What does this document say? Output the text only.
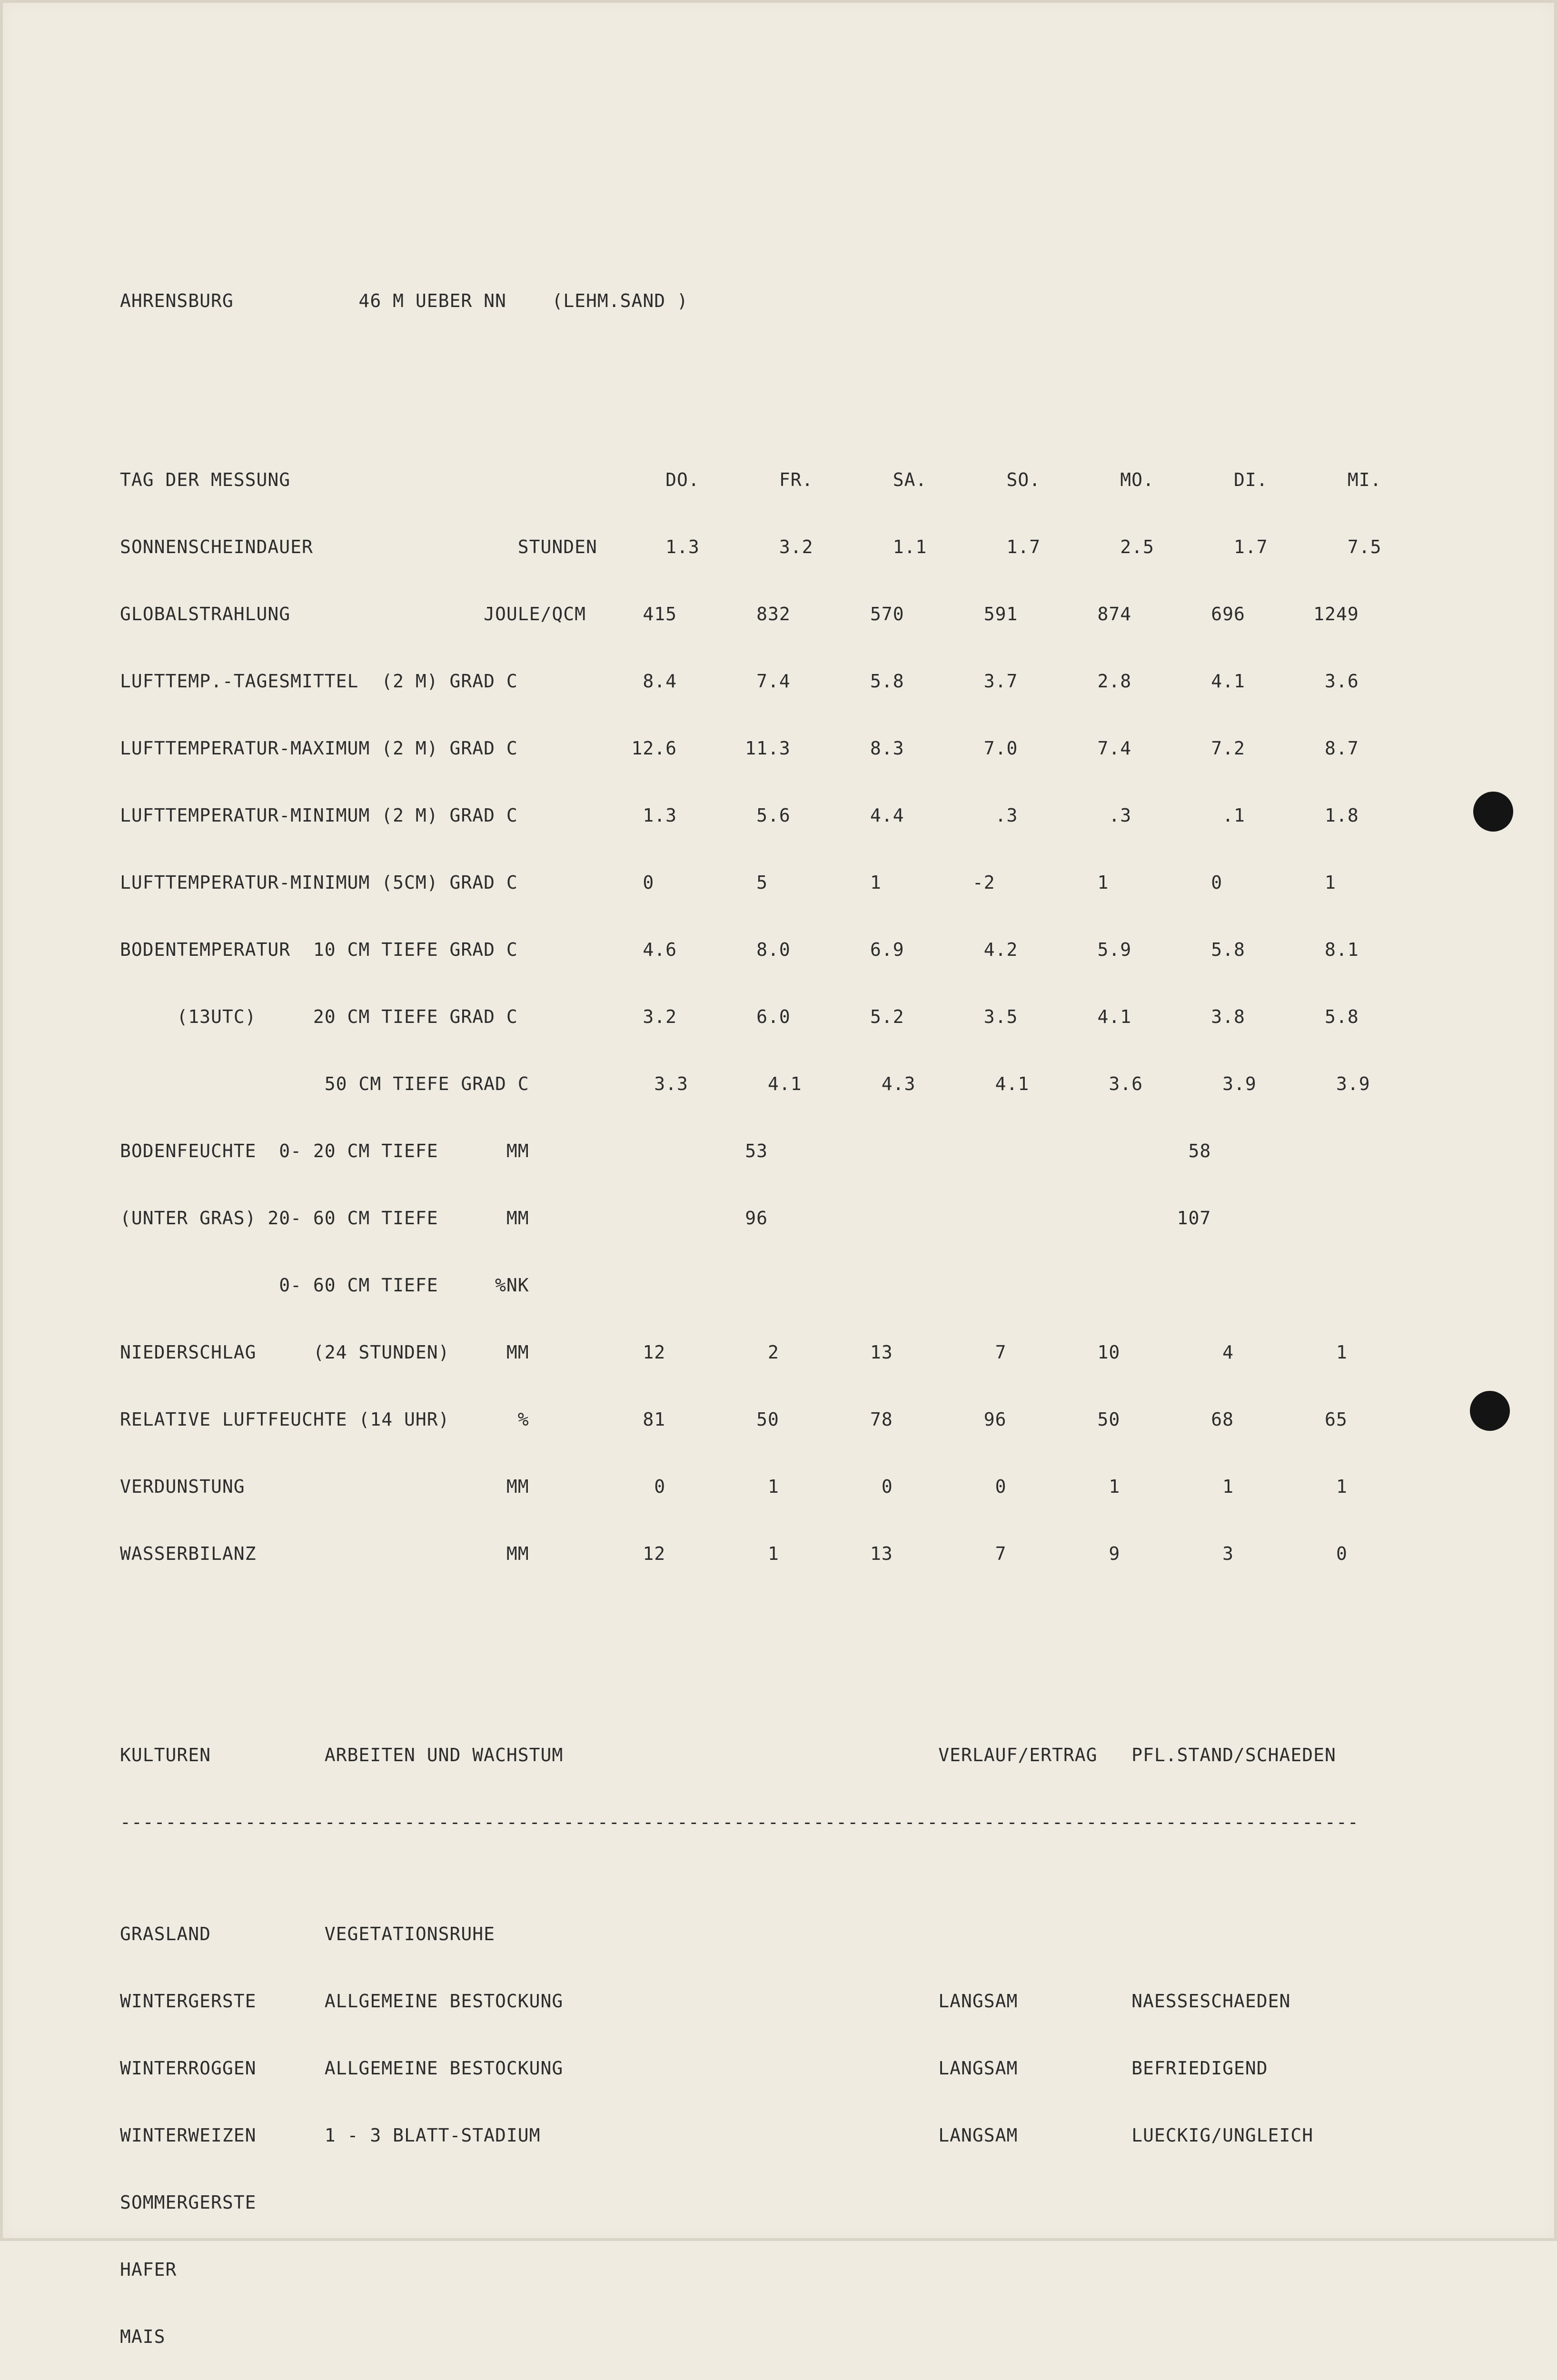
AHRENSBURG           46 M UEBER NN    (LEHM.SAND )

TAG DER MESSUNG                                 DO.       FR.       SA.       SO.       MO.       DI.       MI.

SONNENSCHEINDAUER                  STUNDEN      1.3       3.2       1.1       1.7       2.5       1.7       7.5

GLOBALSTRAHLUNG                 JOULE/QCM     415       832       570       591       874       696      1249

LUFTTEMP.-TAGESMITTEL  (2 M) GRAD C           8.4       7.4       5.8       3.7       2.8       4.1       3.6

LUFTTEMPERATUR-MAXIMUM (2 M) GRAD C          12.6      11.3       8.3       7.0       7.4       7.2       8.7

LUFTTEMPERATUR-MINIMUM (2 M) GRAD C           1.3       5.6       4.4        .3        .3        .1       1.8

LUFTTEMPERATUR-MINIMUM (5CM) GRAD C           0         5         1        -2         1         0         1

BODENTEMPERATUR  10 CM TIEFE GRAD C           4.6       8.0       6.9       4.2       5.9       5.8       8.1

(13UTC)     20 CM TIEFE GRAD C           3.2       6.0       5.2       3.5       4.1       3.8       5.8

50 CM TIEFE GRAD C           3.3       4.1       4.3       4.1       3.6       3.9       3.9

BODENFEUCHTE  0- 20 CM TIEFE      MM                   53                                     58

(UNTER GRAS) 20- 60 CM TIEFE      MM                   96                                    107

0- 60 CM TIEFE     %NK

NIEDERSCHLAG     (24 STUNDEN)     MM          12         2        13         7        10         4         1

RELATIVE LUFTFEUCHTE (14 UHR)      %          81        50        78        96        50        68        65

VERDUNSTUNG                       MM           0         1         0         0         1         1         1

WASSERBILANZ                      MM          12         1        13         7         9         3         0

KULTUREN          ARBEITEN UND WACHSTUM                                 VERLAUF/ERTRAG   PFL.STAND/SCHAEDEN

-------------------------------------------------------------------------------------------------------------

GRASLAND          VEGETATIONSRUHE

WINTERGERSTE      ALLGEMEINE BESTOCKUNG                                 LANGSAM          NAESSESCHAEDEN

WINTERROGGEN      ALLGEMEINE BESTOCKUNG                                 LANGSAM          BEFRIEDIGEND

WINTERWEIZEN      1 - 3 BLATT-STADIUM                                   LANGSAM          LUECKIG/UNGLEICH

SOMMERGERSTE

HAFER

MAIS
